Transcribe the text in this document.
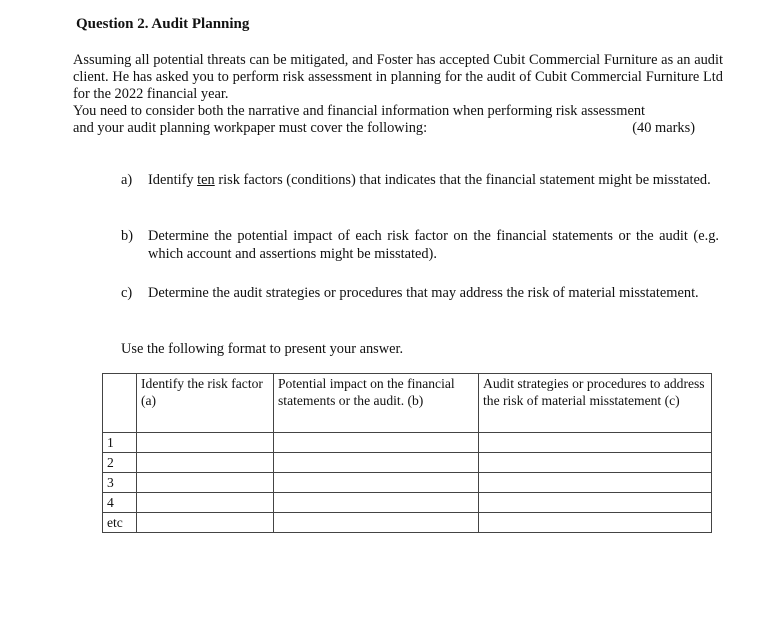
Question 2. Audit Planning

Assuming all potential threats can be mitigated, and Foster has accepted Cubit Commercial Furniture as an audit client. He has asked you to perform risk assessment in planning for the audit of Cubit Commercial Furniture Ltd for the 2022 financial year.

You need to consider both the narrative and financial information when performing risk assessment

and your audit planning workpaper must cover the following:	(40 marks)
a)	Identify ten risk factors (conditions) that indicates that the financial statement might be misstated.
b)	Determine the potential impact of each risk factor on the financial statements or the audit (e.g. which account and assertions might be misstated).
c)	Determine the audit strategies or procedures that may address the risk of material misstatement.
Use the following format to present your answer.
	Identify the risk factor (a)	Potential impact on the financial statements or the audit. (b)	Audit strategies or procedures to address the risk of material misstatement (c)
1			
2			
3			
4			
etc			
